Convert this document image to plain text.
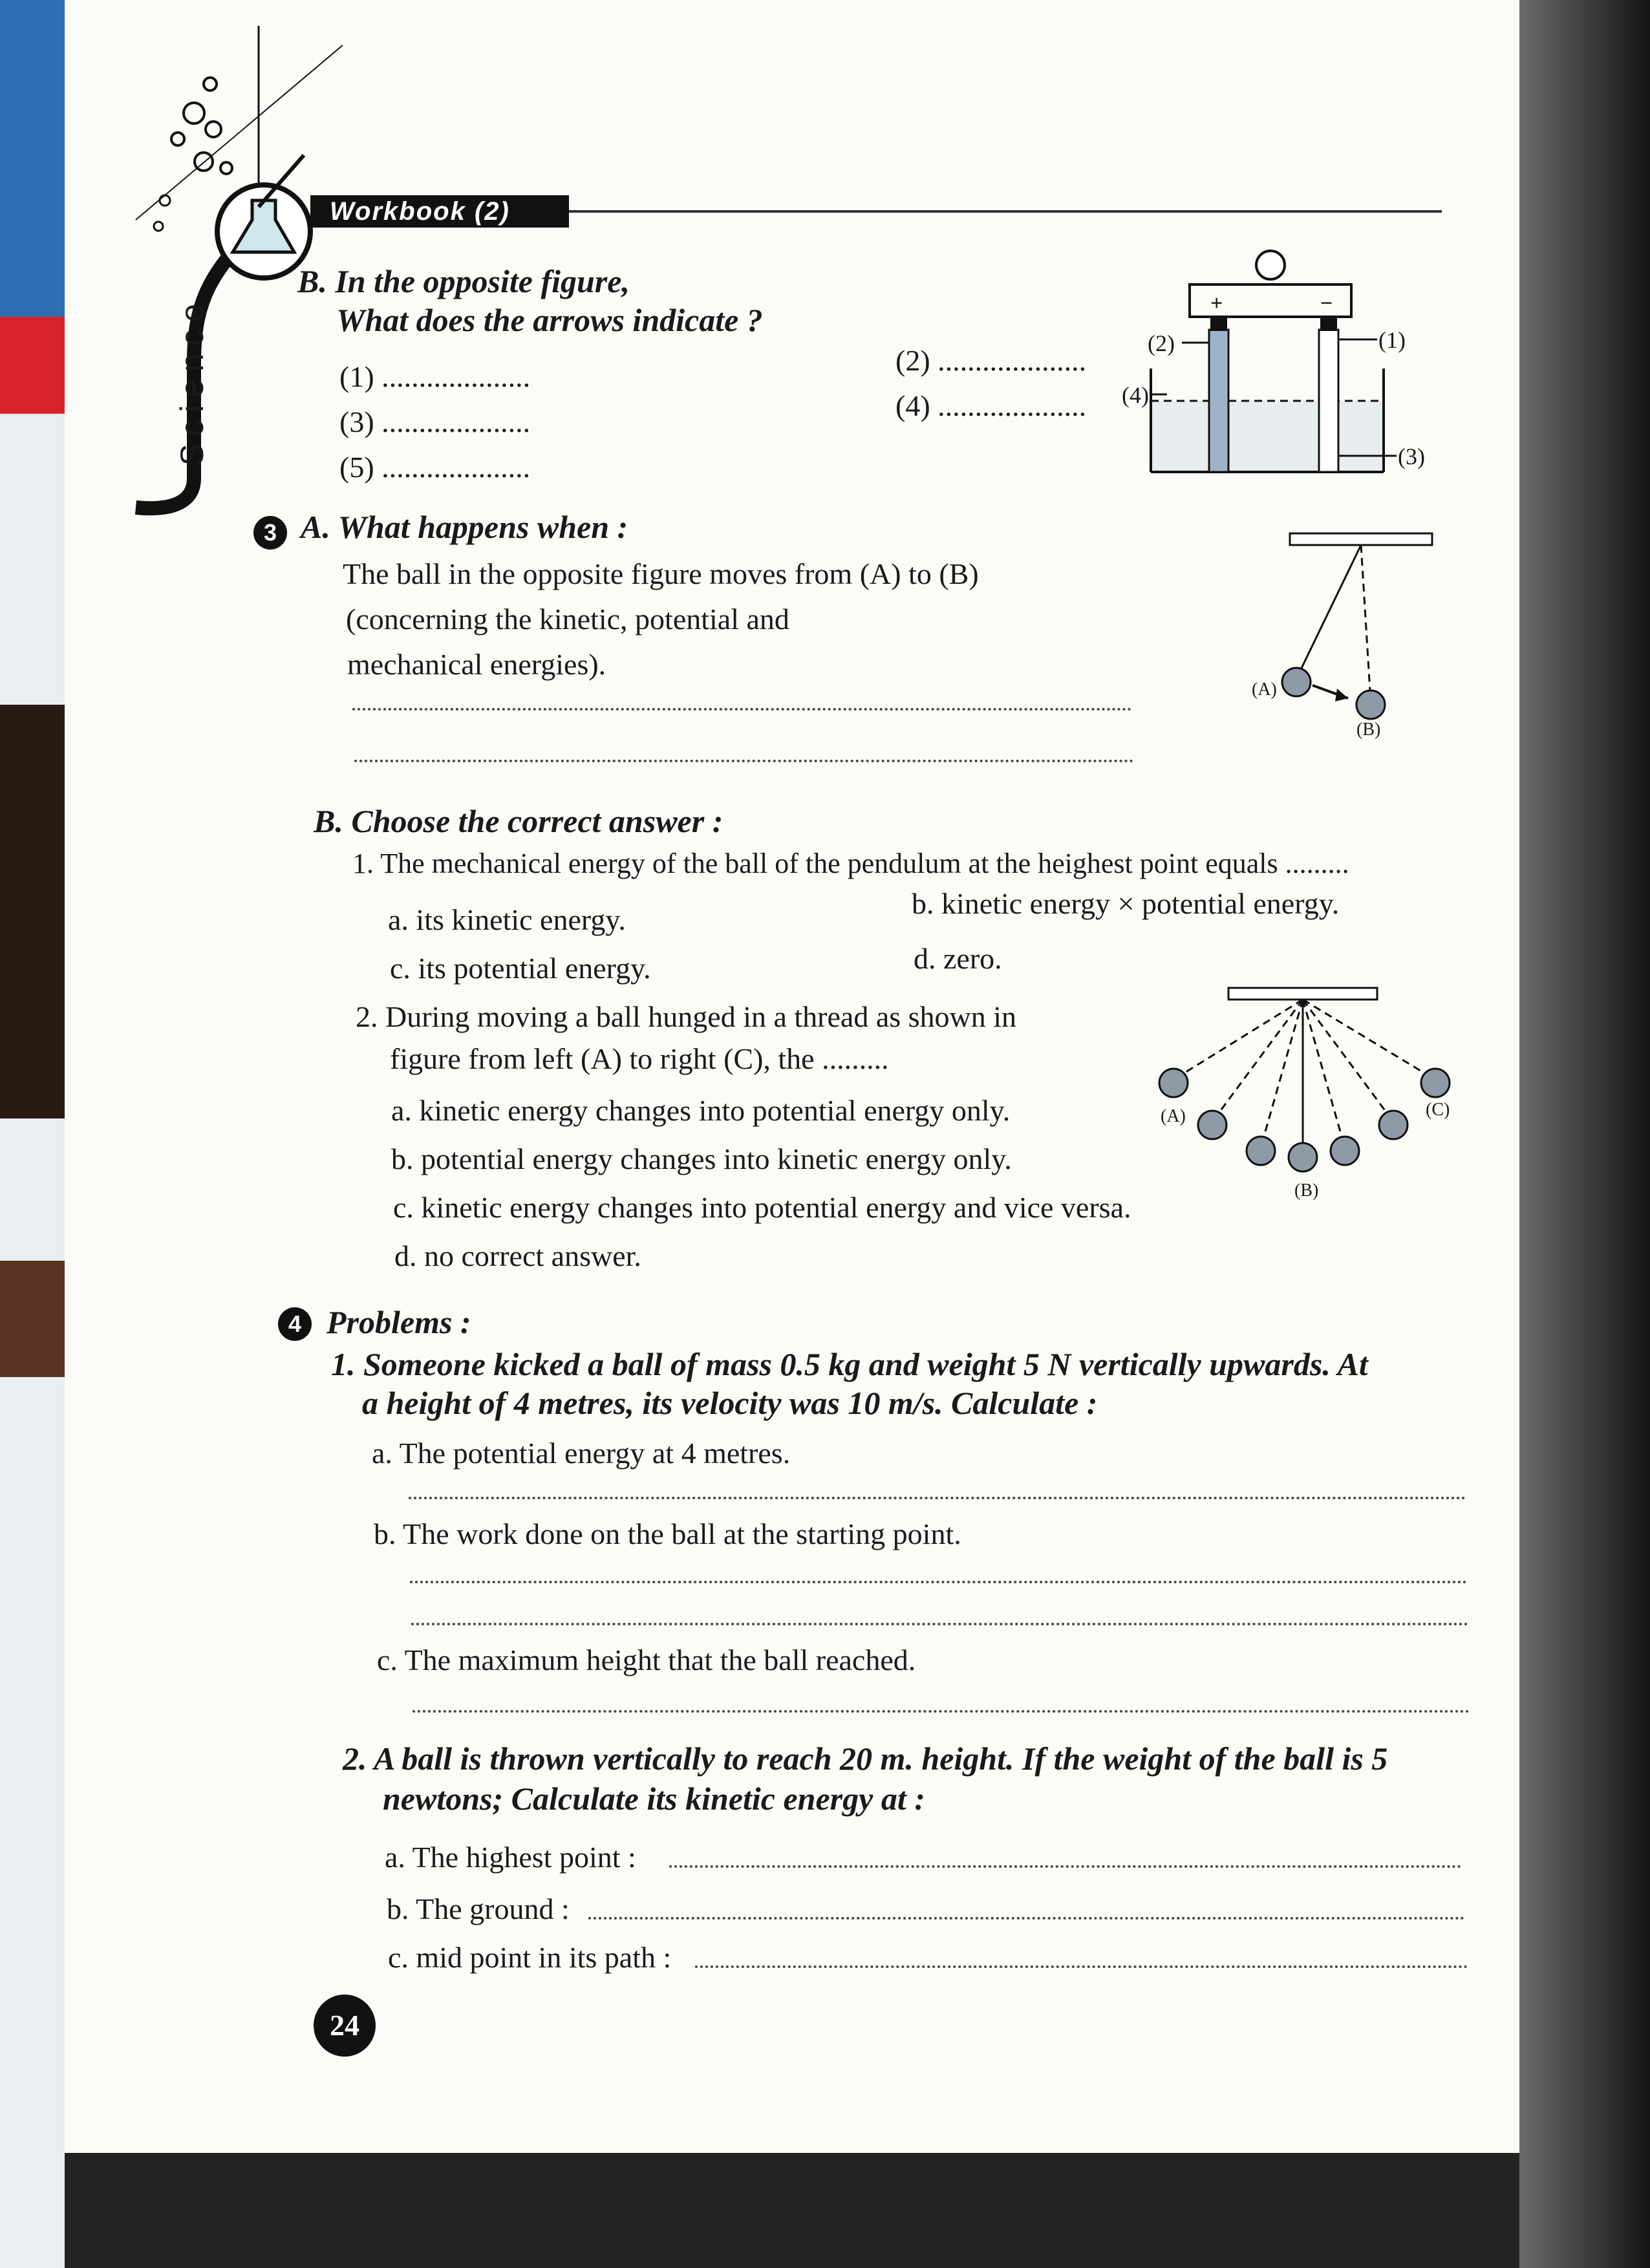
Workbook (2)
Science
B. In the opposite figure,
What does the arrows indicate ?
(1) ....................
(3) ....................
(5) ....................
(2) ....................
(4) ....................
+	−
(2)	(1)
(4)
(3)
3 A. What happens when :
The ball in the opposite figure moves from (A) to (B)
(concerning the kinetic, potential and
mechanical energies).
(A)
(B)
B. Choose the correct answer :
1. The mechanical energy of the ball of the pendulum at the heighest point equals .........
a. its kinetic energy.	b. kinetic energy × potential energy.
c. its potential energy.	d. zero.
2. During moving a ball hunged in a thread as shown in
figure from left (A) to right (C), the .........
a. kinetic energy changes into potential energy only.
b. potential energy changes into kinetic energy only.
c. kinetic energy changes into potential energy and vice versa.
d. no correct answer.
(A)
(B)
(C)
4 Problems :
1. Someone kicked a ball of mass 0.5 kg and weight 5 N vertically upwards. At
a height of 4 metres, its velocity was 10 m/s. Calculate :
a. The potential energy at 4 metres.
b. The work done on the ball at the starting point.
c. The maximum height that the ball reached.
2. A ball is thrown vertically to reach 20 m. height. If the weight of the ball is 5
newtons; Calculate its kinetic energy at :
a. The highest point :
b. The ground :
c. mid point in its path :
24
